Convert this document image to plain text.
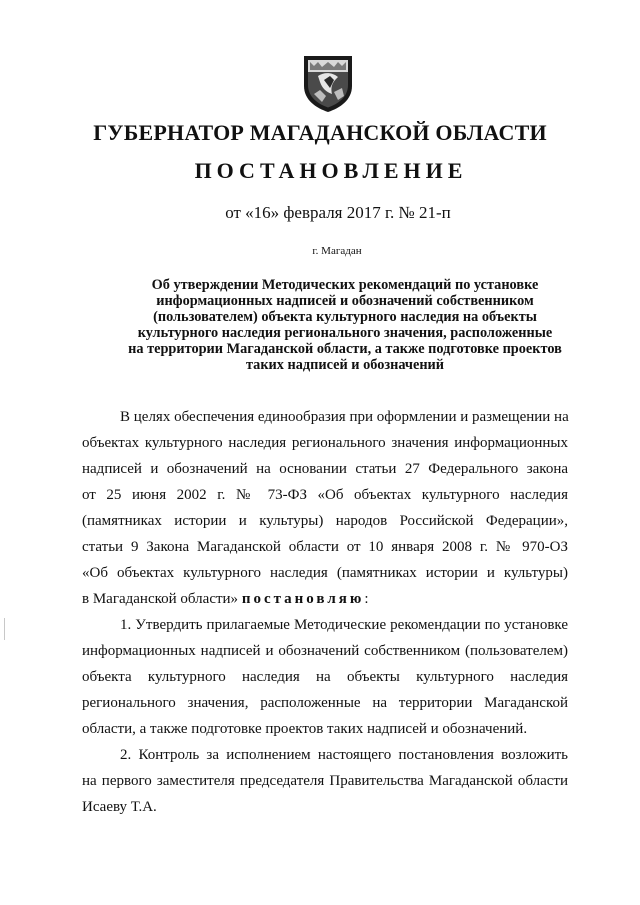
ГУБЕРНАТОР МАГАДАНСКОЙ ОБЛАСТИ
ПОСТАНОВЛЕНИЕ
от «16» февраля 2017 г. № 21-п
г. Магадан
Об утверждении Методических рекомендаций по установке
информационных надписей и обозначений собственником
(пользователем) объекта культурного наследия на объекты
культурного наследия регионального значения, расположенные
на территории Магаданской области, а также подготовке проектов
таких надписей и обозначений
В целях обеспечения единообразия при оформлении и размещении на
объектах культурного наследия регионального значения информационных
надписей и обозначений на основании статьи 27 Федерального закона
от 25 июня 2002 г. № 73-ФЗ «Об объектах культурного наследия
(памятниках истории и культуры) народов Российской Федерации»,
статьи 9 Закона Магаданской области от 10 января 2008 г. № 970-ОЗ
«Об объектах культурного наследия (памятниках истории и культуры)
в Магаданской области» постановляю:
1. Утвердить прилагаемые Методические рекомендации по установке
информационных надписей и обозначений собственником (пользователем)
объекта культурного наследия на объекты культурного наследия
регионального значения, расположенные на территории Магаданской
области, а также подготовке проектов таких надписей и обозначений.
2. Контроль за исполнением настоящего постановления возложить
на первого заместителя председателя Правительства Магаданской области
Исаеву Т.А.
